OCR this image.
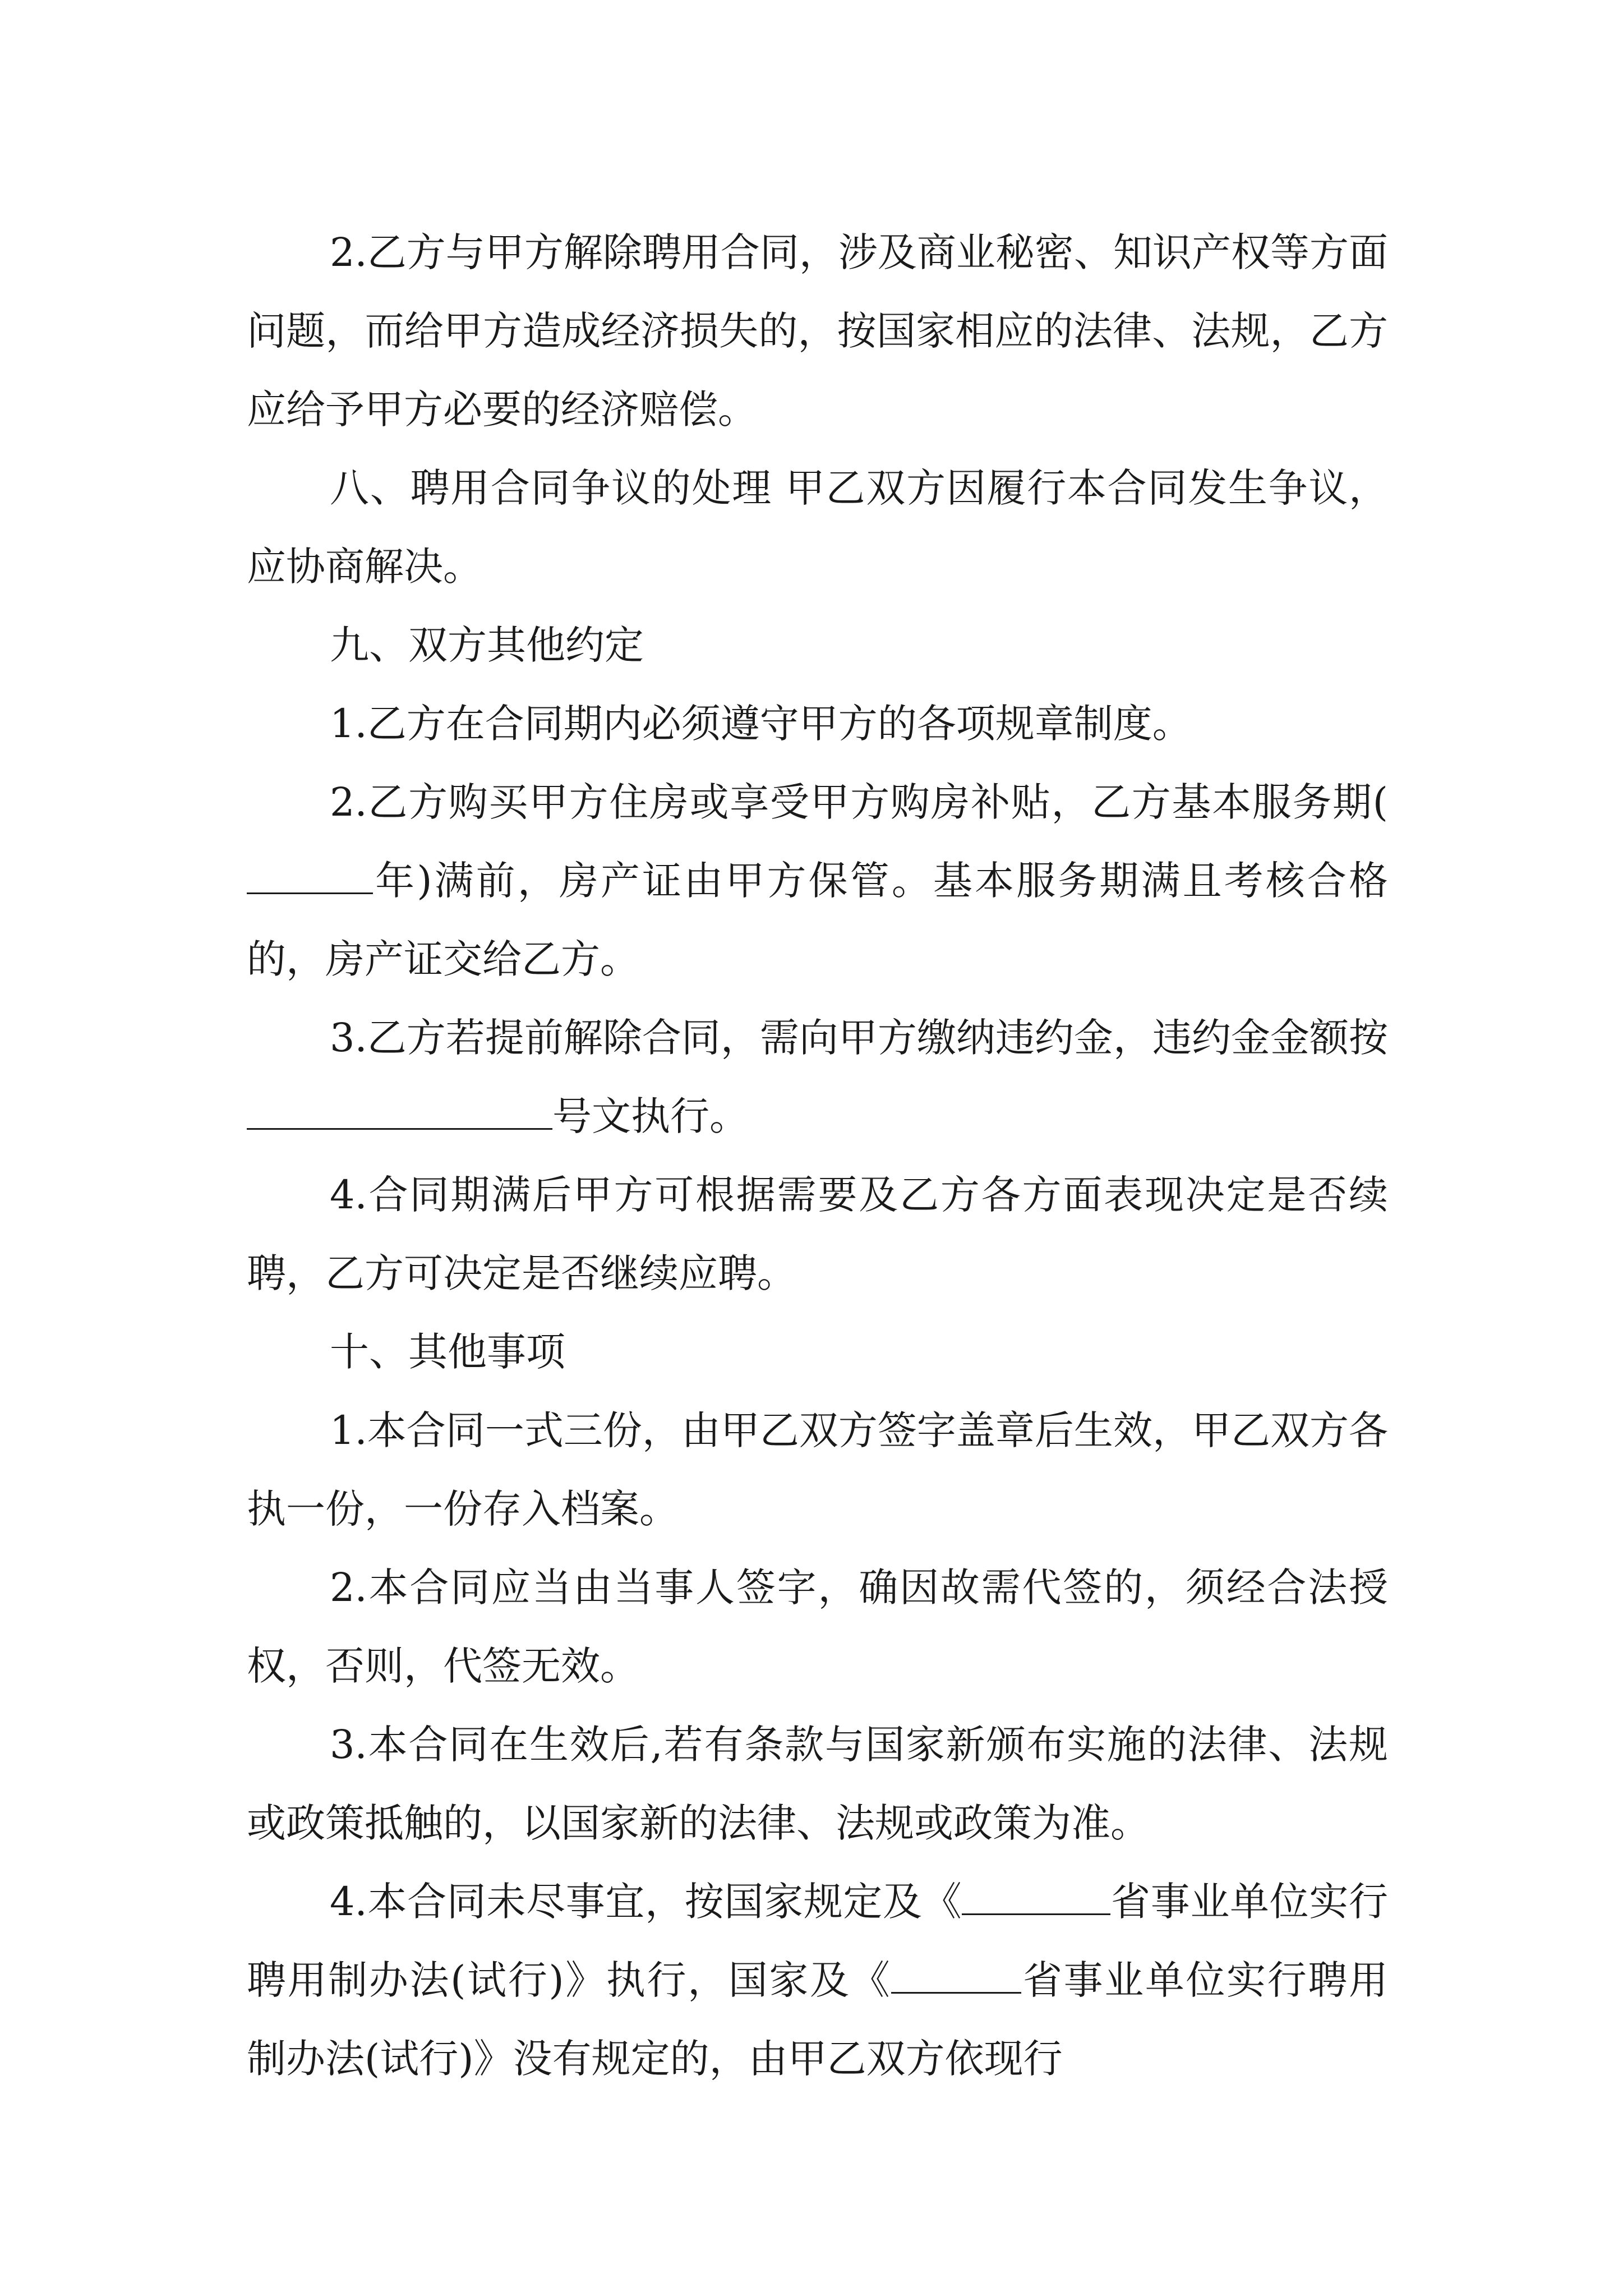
2.乙方与甲方解除聘用合同，涉及商业秘密、知识产权等方面问题，而给甲方造成经济损失的，按国家相应的法律、法规，乙方应给予甲方必要的经济赔偿。

八、聘用合同争议的处理 甲乙双方因履行本合同发生争议，应协商解决。

九、双方其他约定

1.乙方在合同期内必须遵守甲方的各项规章制度。

2.乙方购买甲方住房或享受甲方购房补贴，乙方基本服务期(年)满前，房产证由甲方保管。基本服务期满且考核合格的，房产证交给乙方。

3.乙方若提前解除合同，需向甲方缴纳违约金，违约金金额按号文执行。

4.合同期满后甲方可根据需要及乙方各方面表现决定是否续聘，乙方可决定是否继续应聘。

十、其他事项

1.本合同一式三份，由甲乙双方签字盖章后生效，甲乙双方各执一份，一份存入档案。

2.本合同应当由当事人签字，确因故需代签的，须经合法授权，否则，代签无效。

3.本合同在生效后,若有条款与国家新颁布实施的法律、法规或政策抵触的，以国家新的法律、法规或政策为准。

4.本合同未尽事宜，按国家规定及《	省事业单位实行聘用制办法(试行)》执行，国家及《	省事业单位实行聘用制办法(试行)》没有规定的，由甲乙双方依现行
